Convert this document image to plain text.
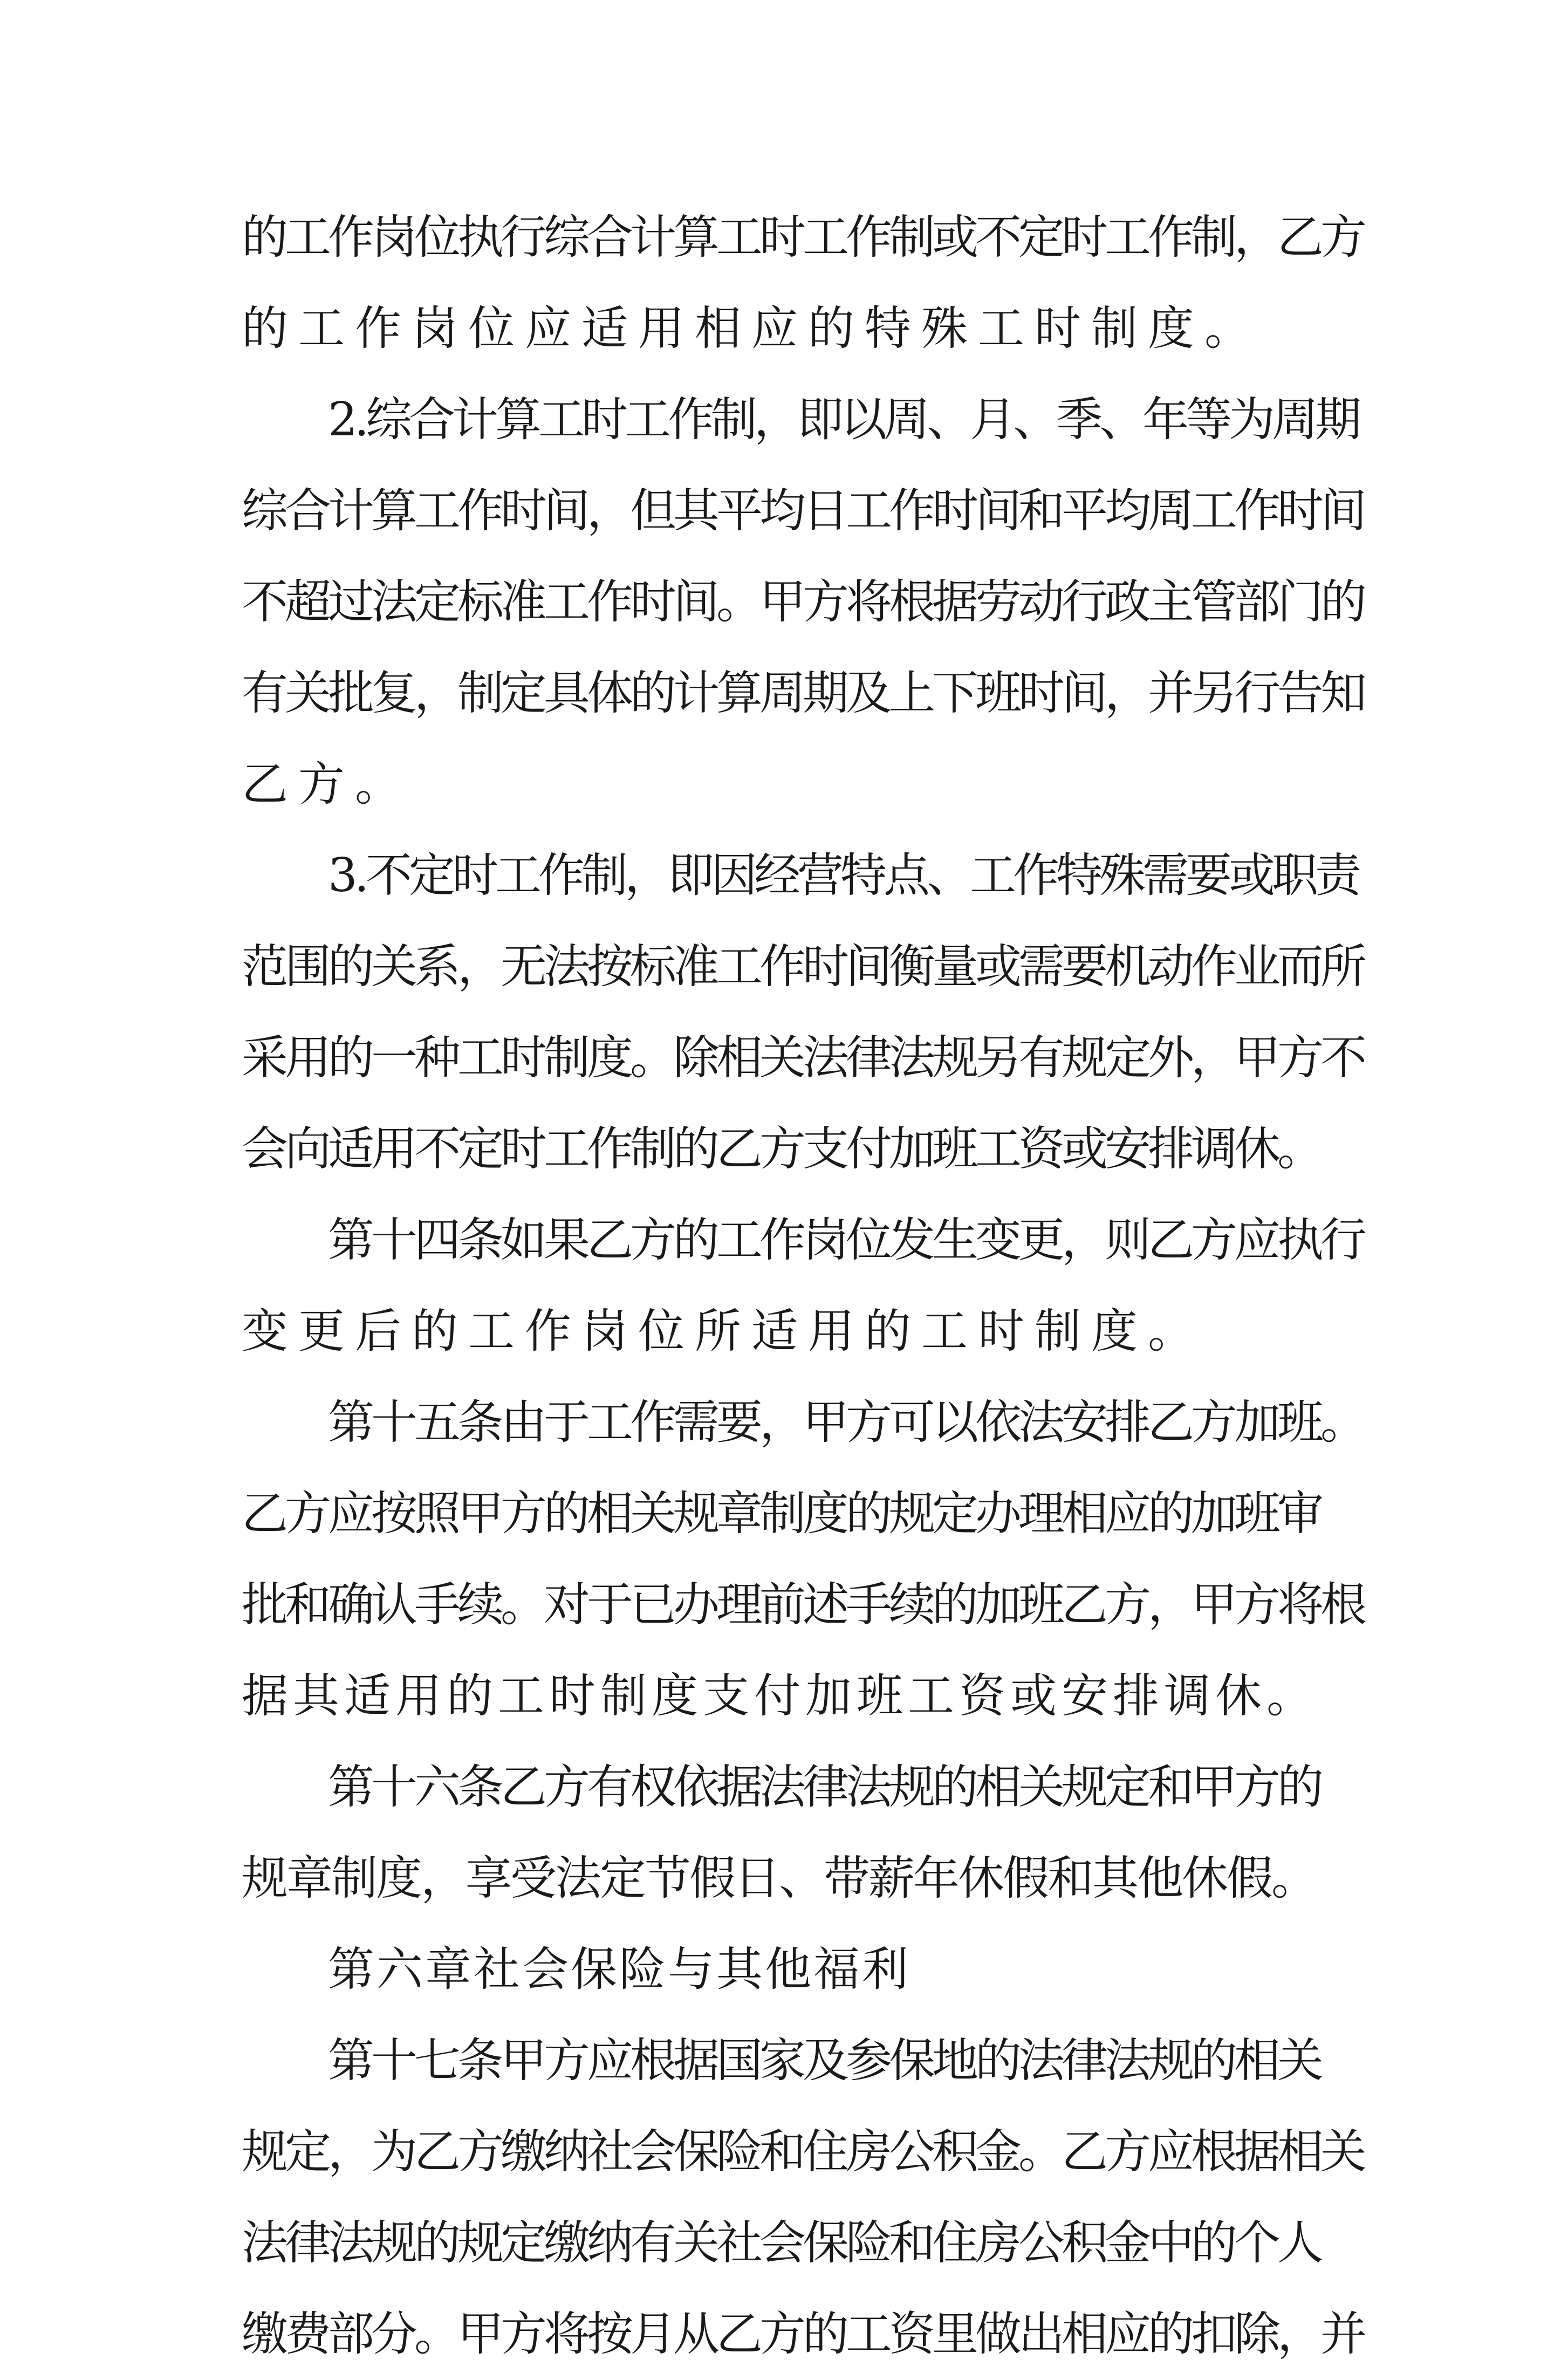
的工作岗位执行综合计算工时工作制或不定时工作制，乙方
的工作岗位应适用相应的特殊工时制度。
2.综合计算工时工作制，即以周、月、季、年等为周期
综合计算工作时间，但其平均日工作时间和平均周工作时间
不超过法定标准工作时间。甲方将根据劳动行政主管部门的
有关批复，制定具体的计算周期及上下班时间，并另行告知
乙方。
3.不定时工作制，即因经营特点、工作特殊需要或职责
范围的关系，无法按标准工作时间衡量或需要机动作业而所
采用的一种工时制度。除相关法律法规另有规定外，甲方不
会向适用不定时工作制的乙方支付加班工资或安排调休。
第十四条如果乙方的工作岗位发生变更，则乙方应执行
变更后的工作岗位所适用的工时制度。
第十五条由于工作需要，甲方可以依法安排乙方加班。
乙方应按照甲方的相关规章制度的规定办理相应的加班审
批和确认手续。对于已办理前述手续的加班乙方，甲方将根
据其适用的工时制度支付加班工资或安排调休。
第十六条乙方有权依据法律法规的相关规定和甲方的
规章制度，享受法定节假日、带薪年休假和其他休假。
第六章社会保险与其他福利
第十七条甲方应根据国家及参保地的法律法规的相关
规定，为乙方缴纳社会保险和住房公积金。乙方应根据相关
法律法规的规定缴纳有关社会保险和住房公积金中的个人
缴费部分。甲方将按月从乙方的工资里做出相应的扣除，并
